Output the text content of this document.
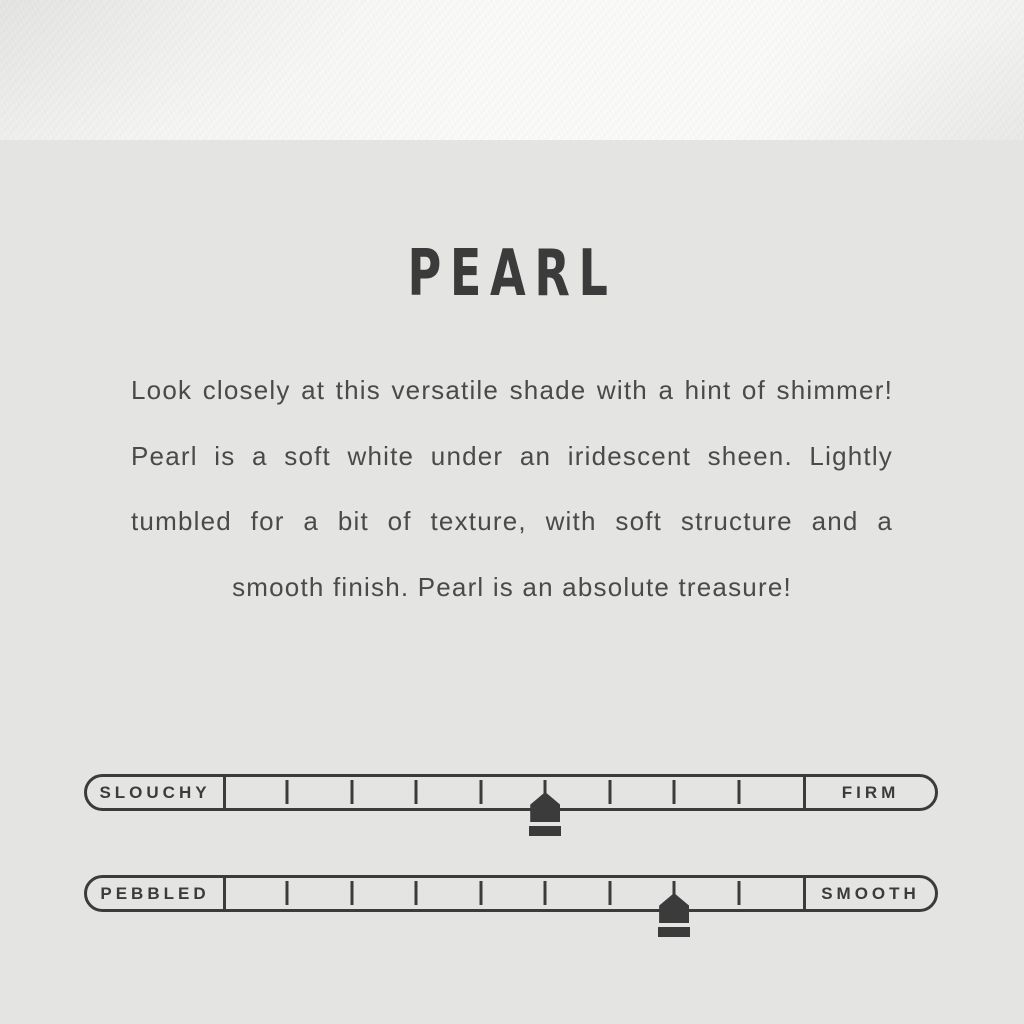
PEARL

Look closely at this versatile shade with a hint of shimmer!

Pearl is a soft white under an iridescent sheen. Lightly

tumbled for a bit of texture, with soft structure and a

smooth finish. Pearl is an absolute treasure!

SLOUCHY	FIRM
PEBBLED	SMOOTH
